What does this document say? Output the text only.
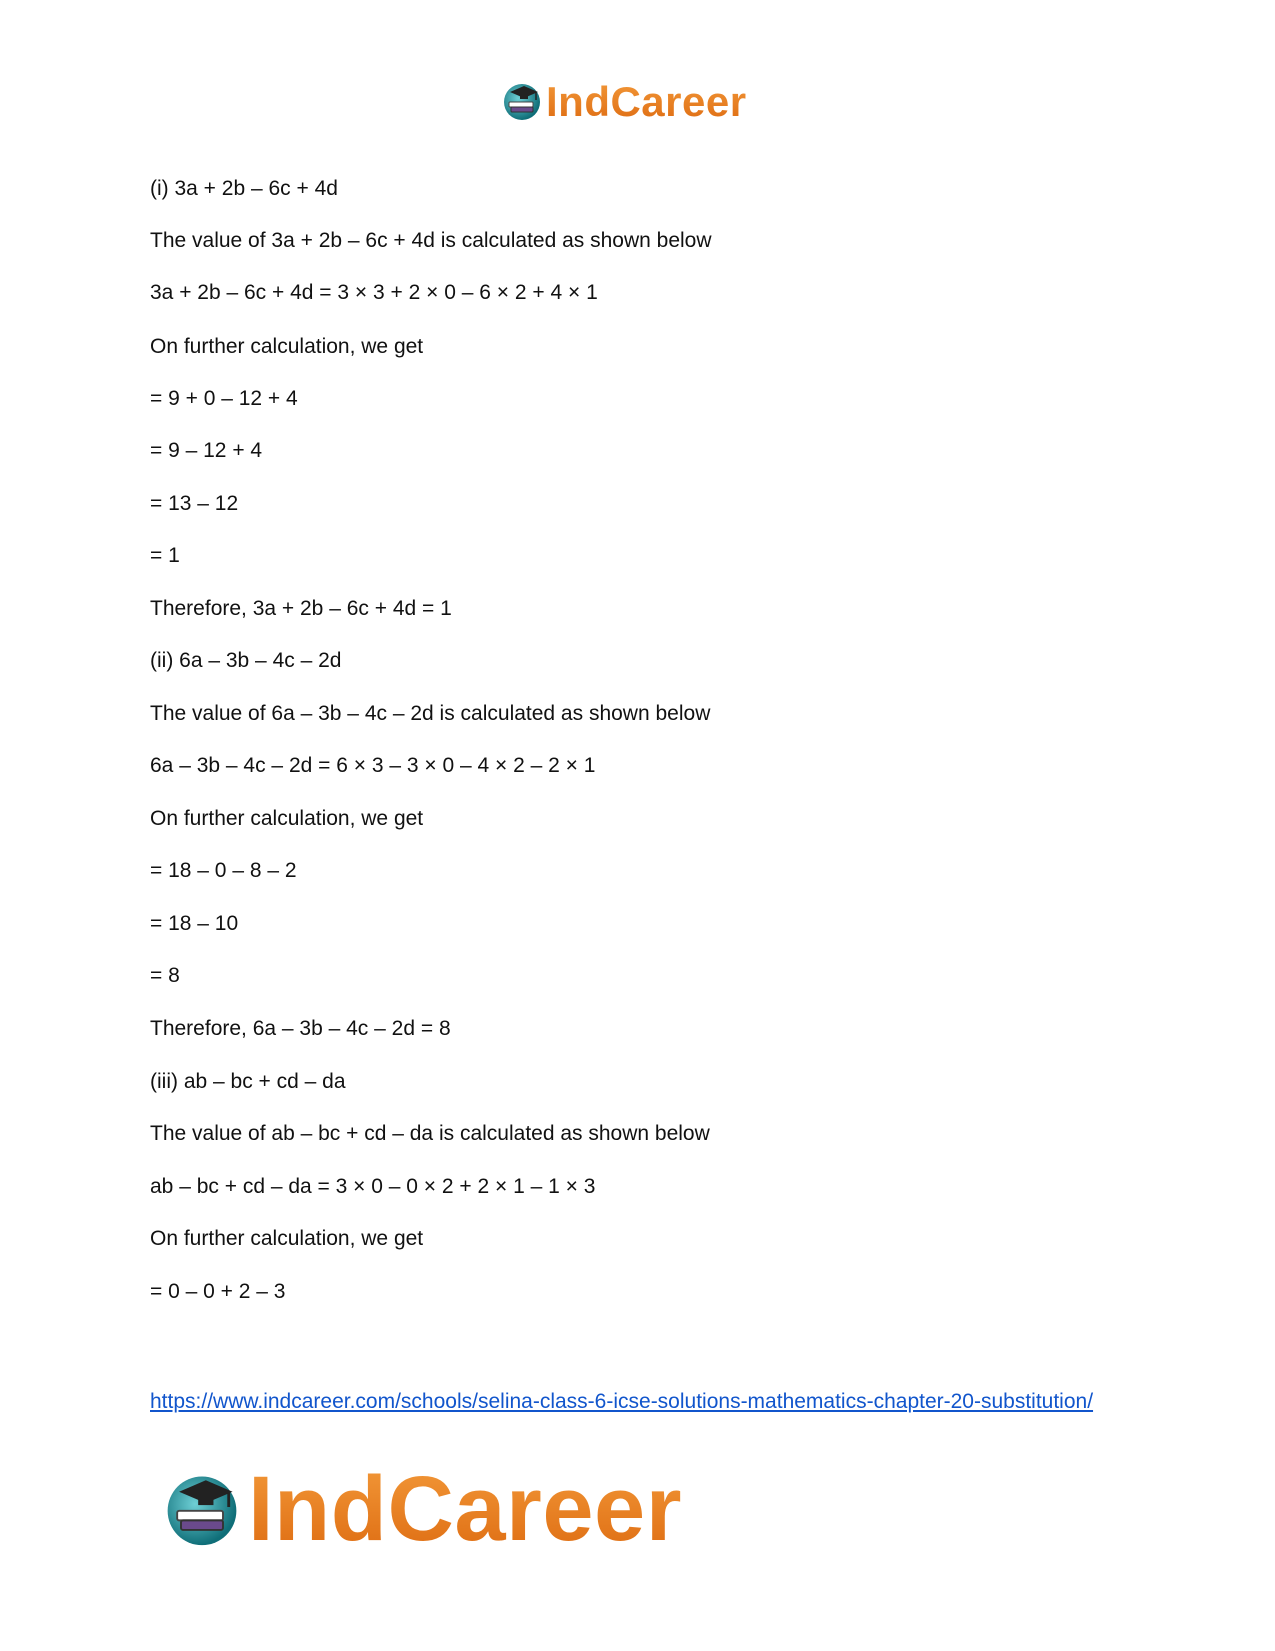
IndCareer
(i) 3a + 2b – 6c + 4d
The value of 3a + 2b – 6c + 4d is calculated as shown below
3a + 2b – 6c + 4d = 3 × 3 + 2 × 0 – 6 × 2 + 4 × 1
On further calculation, we get
= 9 + 0 – 12 + 4
= 9 – 12 + 4
= 13 – 12
= 1
Therefore, 3a + 2b – 6c + 4d = 1
(ii) 6a – 3b – 4c – 2d
The value of 6a – 3b – 4c – 2d is calculated as shown below
6a – 3b – 4c – 2d = 6 × 3 – 3 × 0 – 4 × 2 – 2 × 1
On further calculation, we get
= 18 – 0 – 8 – 2
= 18 – 10
= 8
Therefore, 6a – 3b – 4c – 2d = 8
(iii) ab – bc + cd – da
The value of ab – bc + cd – da is calculated as shown below
ab – bc + cd – da = 3 × 0 – 0 × 2 + 2 × 1 – 1 × 3
On further calculation, we get
= 0 – 0 + 2 – 3
https://www.indcareer.com/schools/selina-class-6-icse-solutions-mathematics-chapter-20-substitution/
IndCareer
